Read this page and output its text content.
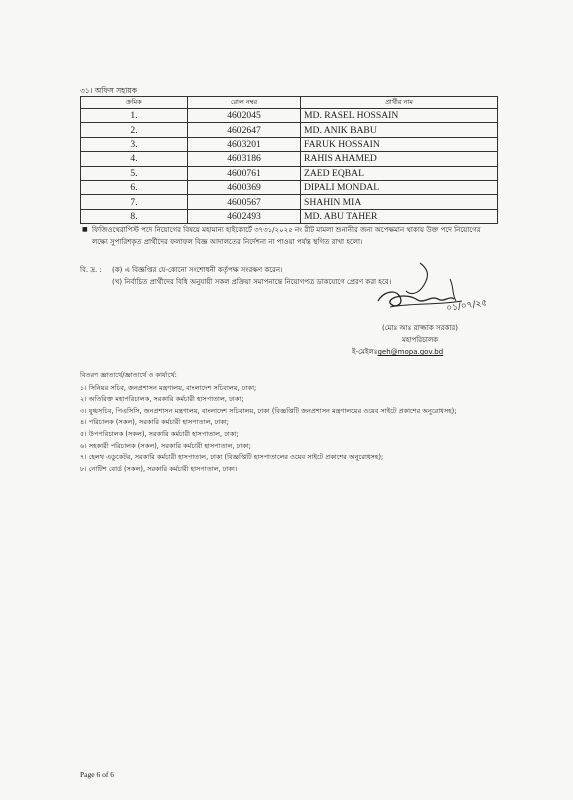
৩১। অফিস সহায়ক
ক্রমিক	রোল নম্বর	প্রার্থীর নাম
1.	4602045	MD. RASEL HOSSAIN
2.	4602647	MD. ANIK BABU
3.	4603201	FARUK HOSSAIN
4.	4603186	RAHIS AHAMED
5.	4600761	ZAED EQBAL
6.	4600369	DIPALI MONDAL
7.	4600567	SHAHIN MIA
8.	4602493	MD. ABU TAHER
■ ফিজিওথেরাপিস্ট পদে নিয়োগের বিষয়ে মহামান্য হাইকোর্টে ৩৭৩১/২০২৫ নং রীট মামলা শুনানীর জন্য অপেক্ষমান থাকায় উক্ত পদে নিয়োগের লক্ষ্যে সুপারিশকৃত প্রার্থীদের ফলাফল বিজ্ঞ আদালতের নির্দেশনা না পাওয়া পর্যন্ত স্থগিত রাখা হলো।
বি. দ্র. : (ক) এ বিজ্ঞপ্তির যে-কোনো সংশোধনী কর্তৃপক্ষ সংরক্ষণ করেন।
(খ) নির্বাচিত প্রার্থীদের বিধি অনুযায়ী সকল প্রক্রিয়া সমাপনান্তে নিয়োগপত্র ডাকযোগে প্রেরণ করা হবে।
০১/০৭/২৫
(মোঃ আঃ রাজ্জাক সরকার)
মহাপরিচালক
ই-মেইলঃgeh@mopa.gov.bd
বিতরণ জ্ঞাতার্থে/জ্ঞাতার্থে ও কার্যার্থে:
১। সিনিয়র সচিব, জনপ্রশাসন মন্ত্রণালয়, বাংলাদেশ সচিবালয়, ঢাকা;
২। অতিরিক্ত মহাপরিচালক, সরকারি কর্মচারী হাসপাতাল, ঢাকা;
৩। যুগ্মসচিব, পিএসিসি, জনপ্রশাসন মন্ত্রণালয়, বাংলাদেশ সচিবালয়, ঢাকা (বিজ্ঞপ্তিটি জনপ্রশাসন মন্ত্রণালয়ের ওয়েব সাইটে প্রকাশের অনুরোধসহ);
৪। পরিচালক (সকল), সরকারি কর্মচারী হাসপাতাল, ঢাকা;
৫। উপপরিচালক (সকল), সরকারি কর্মচারী হাসপাতাল, ঢাকা;
৬। সহকারী পরিচালক (সকল), সরকারি কর্মচারী হাসপাতাল, ঢাকা;
৭। হেলথ এডুকেটর, সরকারি কর্মচারী হাসপাতাল, ঢাকা (বিজ্ঞপ্তিটি হাসপাতালের ওয়েব সাইটে প্রকাশের অনুরোধসহ);
৮। নোটিশ বোর্ড (সকল), সরকারি কর্মচারী হাসপাতাল, ঢাকা।
Page 6 of 6
